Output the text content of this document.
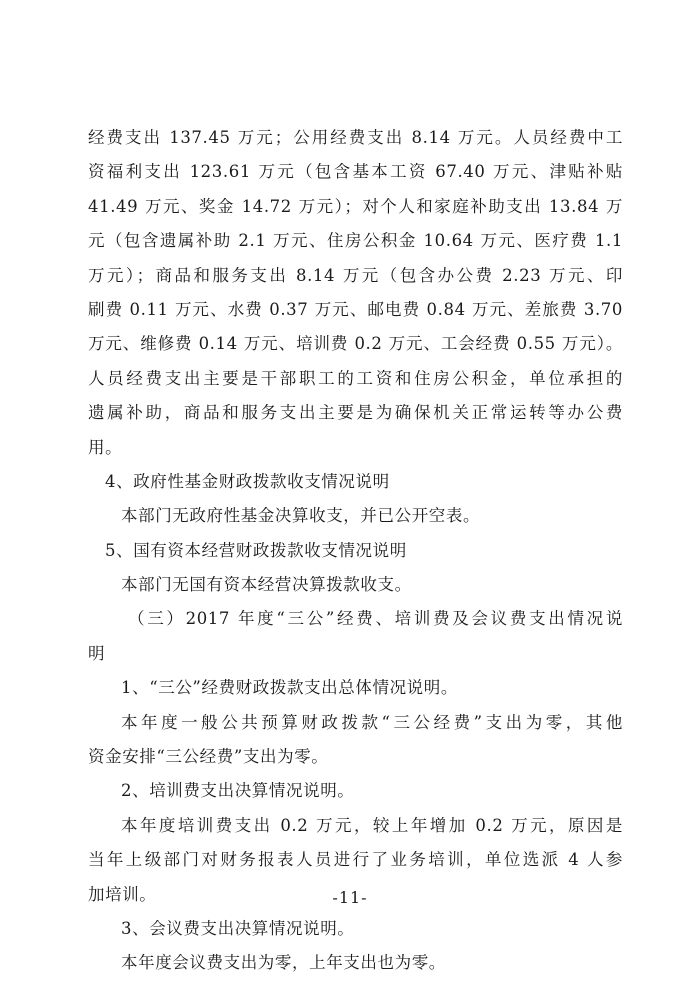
经费支出 137.45 万元；公用经费支出 8.14 万元。人员经费中工
资福利支出 123.61 万元（包含基本工资 67.40 万元、津贴补贴
41.49 万元、奖金 14.72 万元）；对个人和家庭补助支出 13.84 万
元（包含遗属补助 2.1 万元、住房公积金 10.64 万元、医疗费 1.1
万元）；商品和服务支出 8.14 万元（包含办公费 2.23 万元、印
刷费 0.11 万元、水费 0.37 万元、邮电费 0.84 万元、差旅费 3.70
万元、维修费 0.14 万元、培训费 0.2 万元、工会经费 0.55 万元）。
人员经费支出主要是干部职工的工资和住房公积金，单位承担的
遗属补助，商品和服务支出主要是为确保机关正常运转等办公费
用。
4、政府性基金财政拨款收支情况说明
本部门无政府性基金决算收支，并已公开空表。
5、国有资本经营财政拨款收支情况说明
本部门无国有资本经营决算拨款收支。
（三）2017 年度“三公”经费、培训费及会议费支出情况说
明
1、“三公”经费财政拨款支出总体情况说明。
本年度一般公共预算财政拨款“三公经费”支出为零，其他
资金安排“三公经费”支出为零。
2、培训费支出决算情况说明。
本年度培训费支出 0.2 万元，较上年增加 0.2 万元，原因是
当年上级部门对财务报表人员进行了业务培训，单位选派 4 人参
加培训。
3、会议费支出决算情况说明。
本年度会议费支出为零，上年支出也为零。
-11-
